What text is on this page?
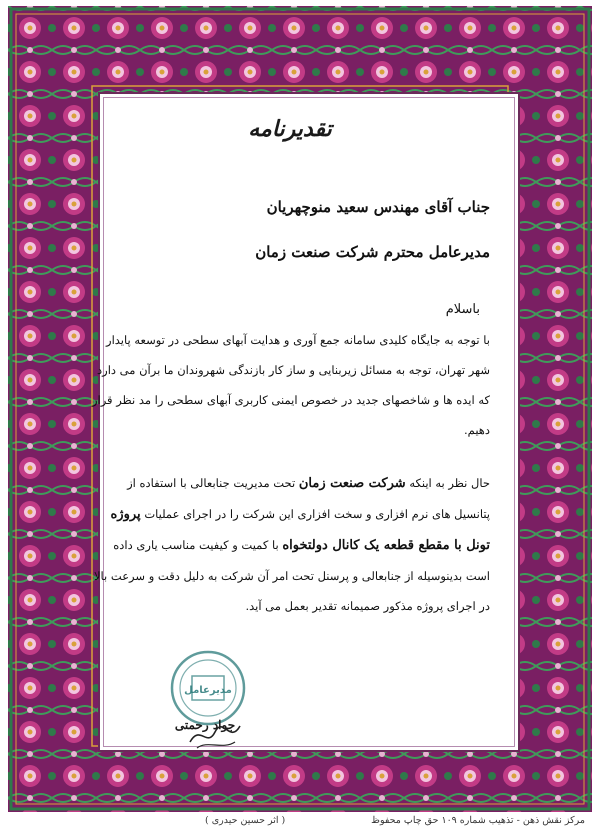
تقدیرنامه
جناب آقای مهندس سعید منوچهریان
مدیرعامل محترم شرکت صنعت زمان
باسلام
با توجه به جایگاه کلیدی سامانه جمع آوری و هدایت آبهای سطحی در توسعه پایدار شهر تهران، توجه به مسائل زیربنایی و ساز کار بازندگی شهروندان ما برآن می دارد که ایده ها و شاخصهای جدید در خصوص ایمنی کاربری آبهای سطحی را مد نظر قرار دهیم.
حال نظر به اینکه شرکت صنعت زمان تحت مدیریت جنابعالی با استفاده از پتانسیل های نرم افزاری و سخت افزاری این شرکت را در اجرای عملیات پروژه تونل با مقطع قطعه یک کانال دولتخواه با کمیت و کیفیت مناسب یاری داده است بدینوسیله از جنابعالی و پرسنل تحت امر آن شرکت به دلیل دقت و سرعت بالا در اجرای پروژه مذکور صمیمانه تقدیر بعمل می آید.
مدیرعامل
جواد رحمتی
( اثر حسین حیدری )	مرکز نقش ذهن - تذهیب شماره ۱۰۹ حق چاپ محفوظ
